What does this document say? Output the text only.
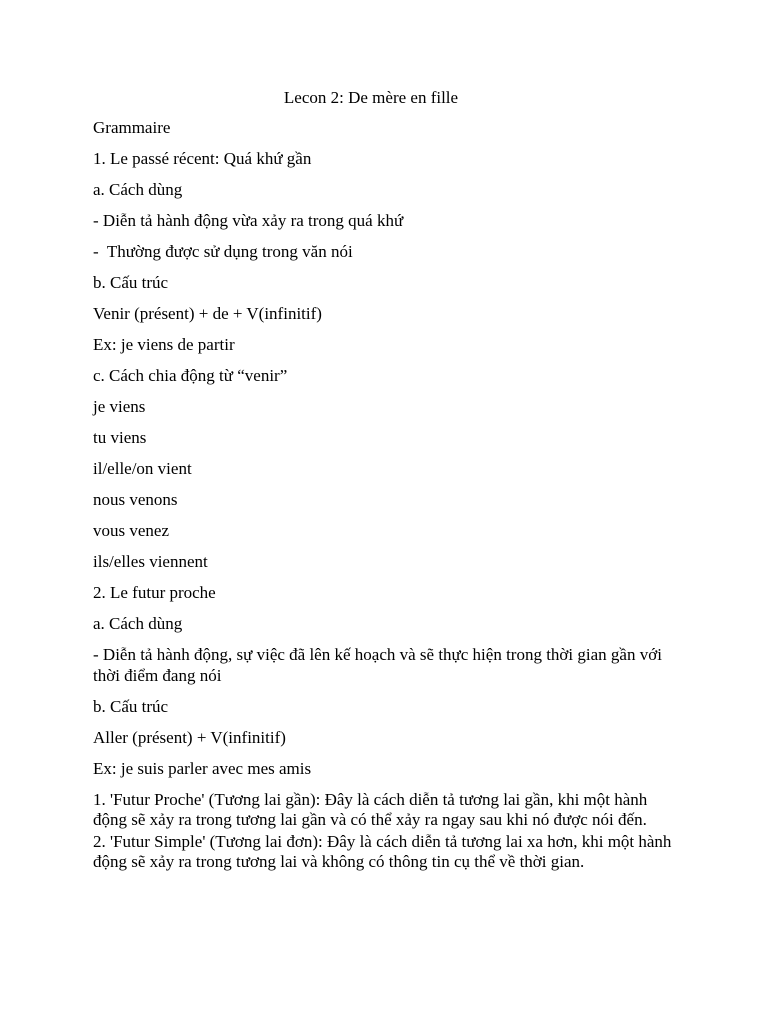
Lecon 2: De mère en fille

Grammaire

1. Le passé récent: Quá khứ gần

a. Cách dùng

- Diễn tả hành động vừa xảy ra trong quá khứ

-  Thường được sử dụng trong văn nói

b. Cấu trúc

Venir (présent) + de + V(infinitif)

Ex: je viens de partir

c. Cách chia động từ “venir”

je viens

tu viens

il/elle/on vient

nous venons

vous venez

ils/elles viennent

2. Le futur proche

a. Cách dùng

- Diễn tả hành động, sự việc đã lên kế hoạch và sẽ thực hiện trong thời gian gần với thời điểm đang nói

b. Cấu trúc

Aller (présent) + V(infinitif)

Ex: je suis parler avec mes amis

1. 'Futur Proche' (Tương lai gần): Đây là cách diễn tả tương lai gần, khi một hành động sẽ xảy ra trong tương lai gần và có thể xảy ra ngay sau khi nó được nói đến.

2. 'Futur Simple' (Tương lai đơn): Đây là cách diễn tả tương lai xa hơn, khi một hành động sẽ xảy ra trong tương lai và không có thông tin cụ thể về thời gian.
